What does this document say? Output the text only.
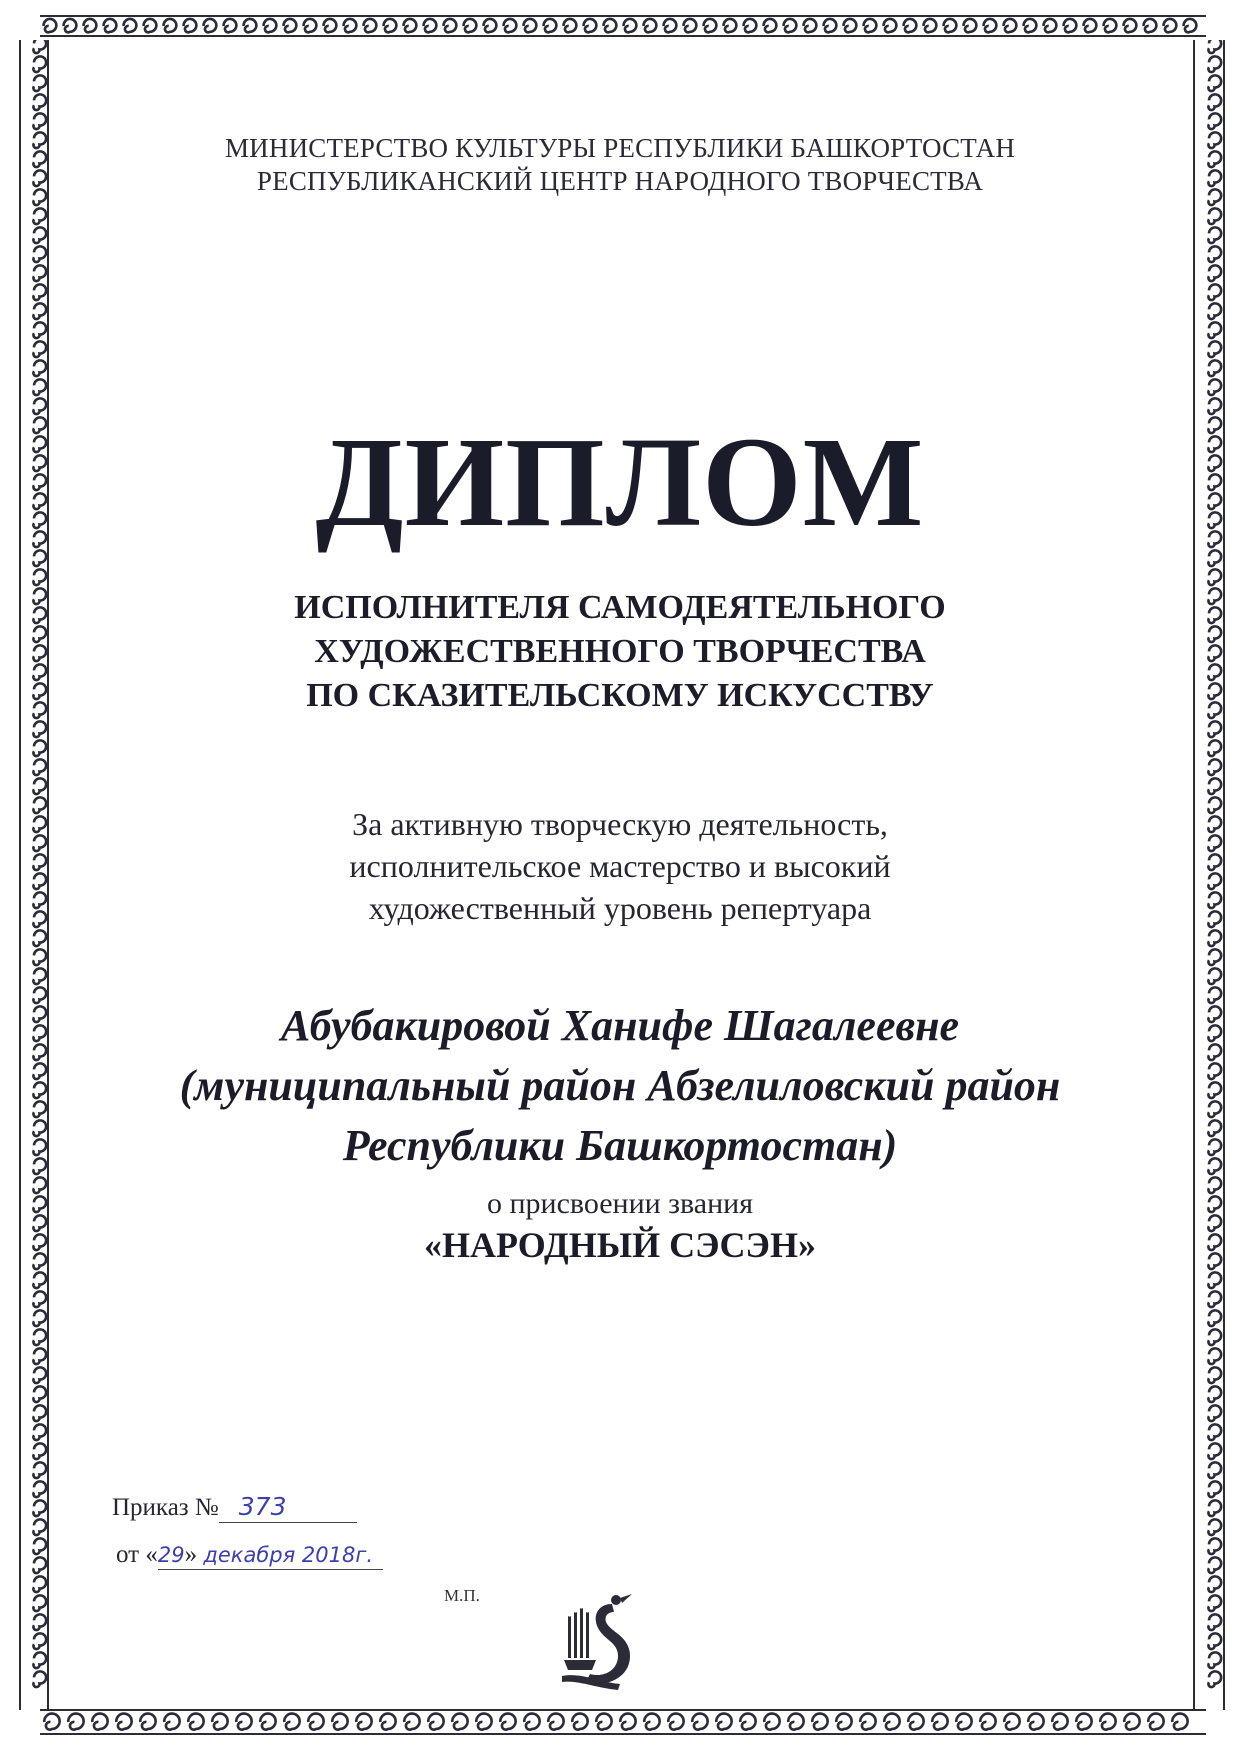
МИНИСТЕРСТВО КУЛЬТУРЫ РЕСПУБЛИКИ БАШКОРТОСТАН
РЕСПУБЛИКАНСКИЙ ЦЕНТР НАРОДНОГО ТВОРЧЕСТВА
ДИПЛОМ
ИСПОЛНИТЕЛЯ САМОДЕЯТЕЛЬНОГО
ХУДОЖЕСТВЕННОГО ТВОРЧЕСТВА
ПО СКАЗИТЕЛЬСКОМУ ИСКУССТВУ
За активную творческую деятельность,
исполнительское мастерство и высокий
художественный уровень репертуара
Абубакировой Ханифе Шагалеевне
(муниципальный район Абзелиловский район
Республики Башкортостан)
о присвоении звания
«НАРОДНЫЙ СЭСЭН»
Приказ № 373
от «29» декабря 2018г.
М.П.
